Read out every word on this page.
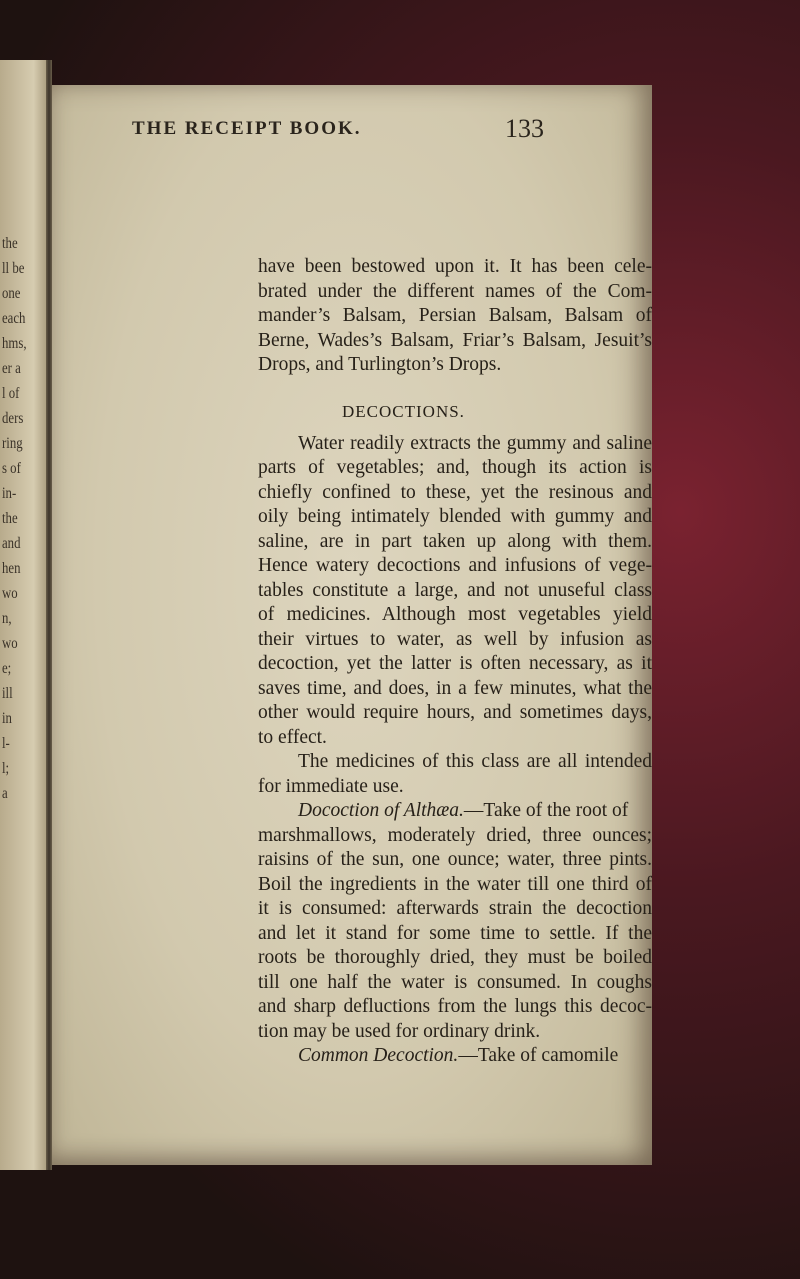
the
ll be
one
each
hms,
er a
l of
ders
ring
s of
in-
the
and
hen
wo
n,
wo
e;
ill
in
l-
l;
a
THE RECEIPT BOOK.	133
have been bestowed upon it. It has been cele-
brated under the different names of the Com-
mander’s Balsam, Persian Balsam, Balsam of
Berne, Wades’s Balsam, Friar’s Balsam, Jesuit’s
Drops, and Turlington’s Drops.
DECOCTIONS.
Water readily extracts the gummy and saline
parts of vegetables; and, though its action is
chiefly confined to these, yet the resinous and
oily being intimately blended with gummy and
saline, are in part taken up along with them.
Hence watery decoctions and infusions of vege-
tables constitute a large, and not unuseful class
of medicines. Although most vegetables yield
their virtues to water, as well by infusion as
decoction, yet the latter is often necessary, as it
saves time, and does, in a few minutes, what the
other would require hours, and sometimes days,
to effect.
The medicines of this class are all intended
for immediate use.
Docoction of Althæa.—Take of the root of
marshmallows, moderately dried, three ounces;
raisins of the sun, one ounce; water, three pints.
Boil the ingredients in the water till one third of
it is consumed: afterwards strain the decoction
and let it stand for some time to settle. If the
roots be thoroughly dried, they must be boiled
till one half the water is consumed. In coughs
and sharp defluctions from the lungs this decoc-
tion may be used for ordinary drink.
Common Decoction.—Take of camomile
